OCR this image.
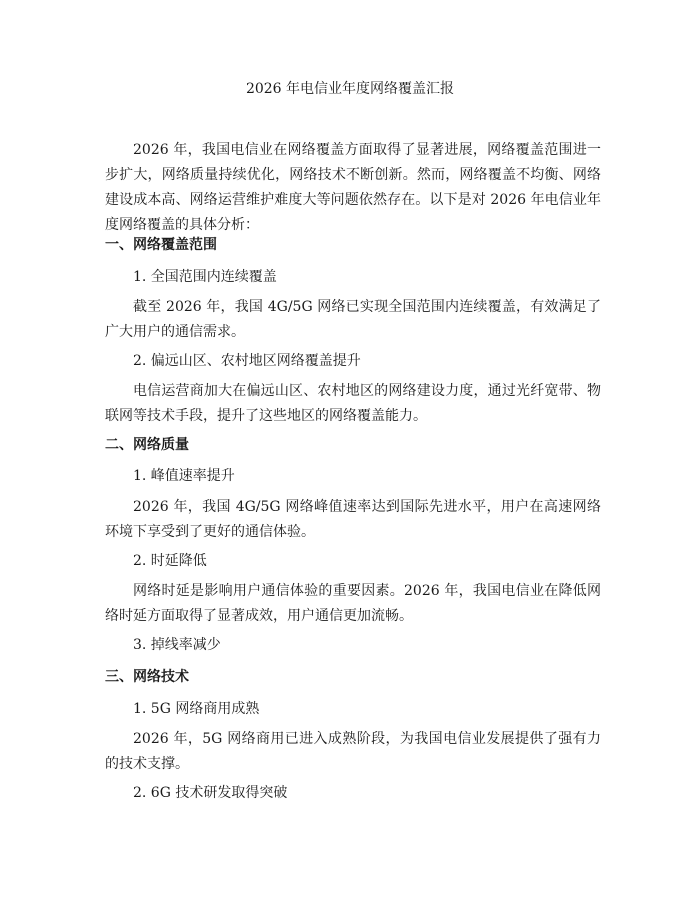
2026 年电信业年度网络覆盖汇报

2026 年，我国电信业在网络覆盖方面取得了显著进展，网络覆盖范围进一步扩大，网络质量持续优化，网络技术不断创新。然而，网络覆盖不均衡、网络建设成本高、网络运营维护难度大等问题依然存在。以下是对 2026 年电信业年度网络覆盖的具体分析：

一、网络覆盖范围
1. 全国范围内连续覆盖

截至 2026 年，我国 4G/5G 网络已实现全国范围内连续覆盖，有效满足了广大用户的通信需求。

2. 偏远山区、农村地区网络覆盖提升

电信运营商加大在偏远山区、农村地区的网络建设力度，通过光纤宽带、物联网等技术手段，提升了这些地区的网络覆盖能力。

二、网络质量
1. 峰值速率提升

2026 年，我国 4G/5G 网络峰值速率达到国际先进水平，用户在高速网络环境下享受到了更好的通信体验。

2. 时延降低

网络时延是影响用户通信体验的重要因素。2026 年，我国电信业在降低网络时延方面取得了显著成效，用户通信更加流畅。

3. 掉线率减少
三、网络技术
1. 5G 网络商用成熟

2026 年，5G 网络商用已进入成熟阶段，为我国电信业发展提供了强有力的技术支撑。

2. 6G 技术研发取得突破
